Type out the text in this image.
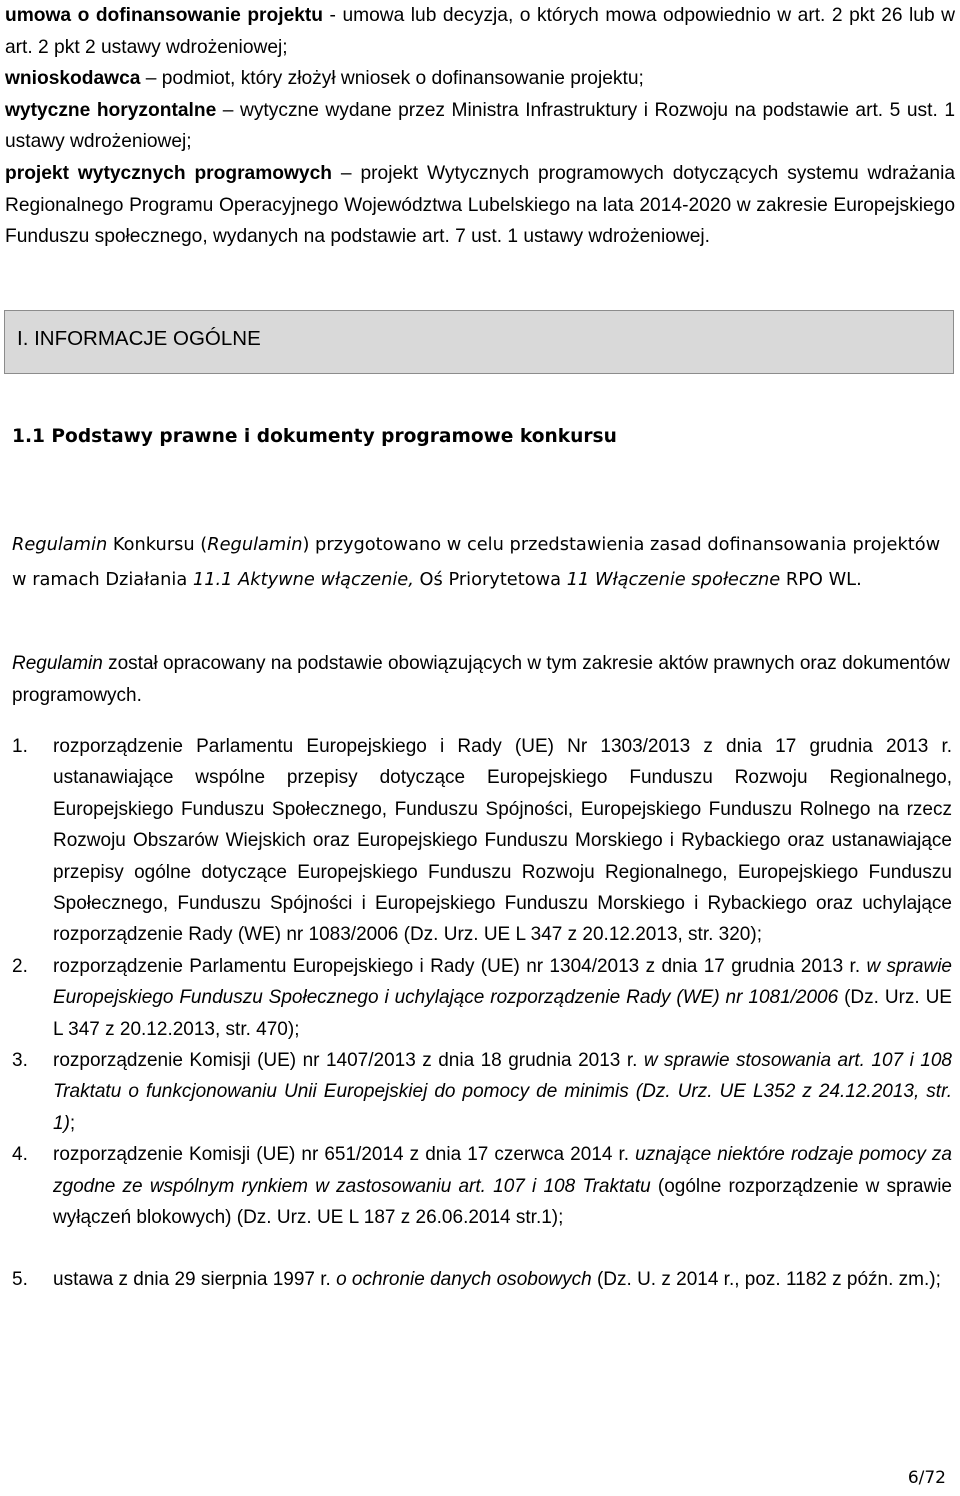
umowa o dofinansowanie projektu - umowa lub decyzja, o których mowa odpowiednio w art. 2 pkt 26 lub w art. 2 pkt 2 ustawy wdrożeniowej;

wnioskodawca – podmiot, który złożył wniosek o dofinansowanie projektu;

wytyczne horyzontalne – wytyczne wydane przez Ministra Infrastruktury i Rozwoju na podstawie art. 5 ust. 1 ustawy wdrożeniowej;

projekt wytycznych programowych – projekt Wytycznych programowych dotyczących systemu wdrażania Regionalnego Programu Operacyjnego Województwa Lubelskiego na lata 2014-2020 w zakresie Europejskiego Funduszu społecznego, wydanych na podstawie art. 7 ust. 1 ustawy wdrożeniowej.

I. INFORMACJE OGÓLNE
1.1 Podstawy prawne i dokumenty programowe konkursu

Regulamin Konkursu (Regulamin) przygotowano w celu przedstawienia zasad dofinansowania projektów w ramach Działania 11.1 Aktywne włączenie, Oś Priorytetowa 11 Włączenie społeczne RPO WL.

Regulamin został opracowany na podstawie obowiązujących w tym zakresie aktów prawnych oraz dokumentów programowych.

1. rozporządzenie Parlamentu Europejskiego i Rady (UE) Nr 1303/2013 z dnia 17 grudnia 2013 r. ustanawiające wspólne przepisy dotyczące Europejskiego Funduszu Rozwoju Regionalnego, Europejskiego Funduszu Społecznego, Funduszu Spójności, Europejskiego Funduszu Rolnego na rzecz Rozwoju Obszarów Wiejskich oraz Europejskiego Funduszu Morskiego i Rybackiego oraz ustanawiające przepisy ogólne dotyczące Europejskiego Funduszu Rozwoju Regionalnego, Europejskiego Funduszu Społecznego, Funduszu Spójności i Europejskiego Funduszu Morskiego i Rybackiego oraz uchylające rozporządzenie Rady (WE) nr 1083/2006 (Dz. Urz. UE L 347 z 20.12.2013, str. 320);
2. rozporządzenie Parlamentu Europejskiego i Rady (UE) nr 1304/2013 z dnia 17 grudnia 2013 r. w sprawie Europejskiego Funduszu Społecznego i uchylające rozporządzenie Rady (WE) nr 1081/2006 (Dz. Urz. UE L 347 z 20.12.2013, str. 470);
3. rozporządzenie Komisji (UE) nr 1407/2013 z dnia 18 grudnia 2013 r. w sprawie stosowania art. 107 i 108 Traktatu o funkcjonowaniu Unii Europejskiej do pomocy de minimis (Dz. Urz. UE L352 z 24.12.2013, str. 1);
4. rozporządzenie Komisji (UE) nr 651/2014 z dnia 17 czerwca 2014 r. uznające niektóre rodzaje pomocy za zgodne ze wspólnym rynkiem w zastosowaniu art. 107 i 108 Traktatu (ogólne rozporządzenie w sprawie wyłączeń blokowych) (Dz. Urz. UE L 187 z 26.06.2014 str.1);
5. ustawa z dnia 29 sierpnia 1997 r. o ochronie danych osobowych (Dz. U. z 2014 r., poz. 1182 z późn. zm.);
6/72
